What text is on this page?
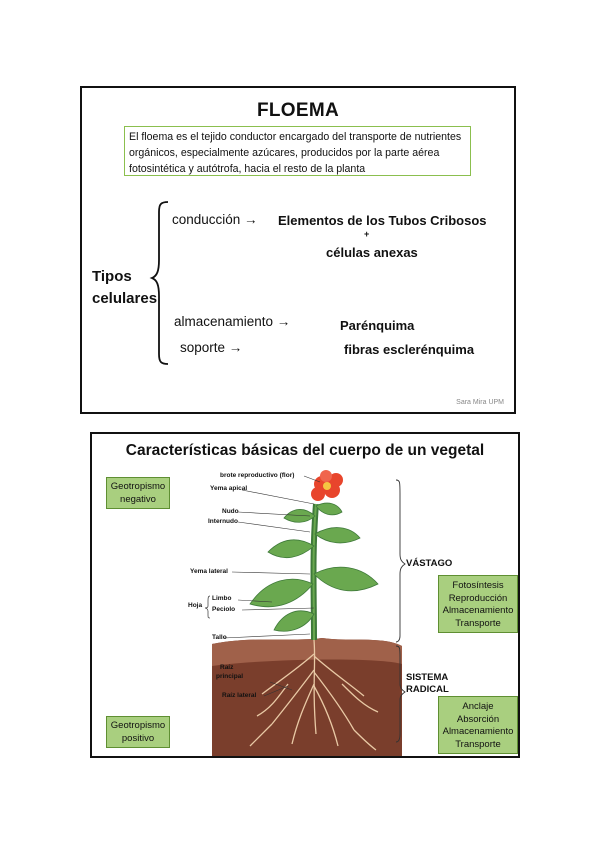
FLOEMA
El floema es el tejido conductor encargado del transporte de nutrientes orgánicos, especialmente azúcares, producidos por la parte aérea fotosintética y autótrofa, hacia el resto de la planta
conducción → Elementos de los Tubos Cribosos
+
células anexas
Tipos
celulares
almacenamiento →	Parénquima
soporte →	fibras esclerénquima
Sara Mira UPM
Características básicas del cuerpo de un vegetal
Geotropismo negativo
Geotropismo positivo
Fotosíntesis
Reproducción
Almacenamiento
Transporte
Anclaje
Absorción
Almacenamiento
Transporte
brote reproductivo (flor)
Yema apical
Nudo
Internudo
Yema lateral
Limbo
Hoja
Peciolo
Tallo
Raíz
principal
Raíz lateral
VÁSTAGO
SISTEMA
RADICAL
